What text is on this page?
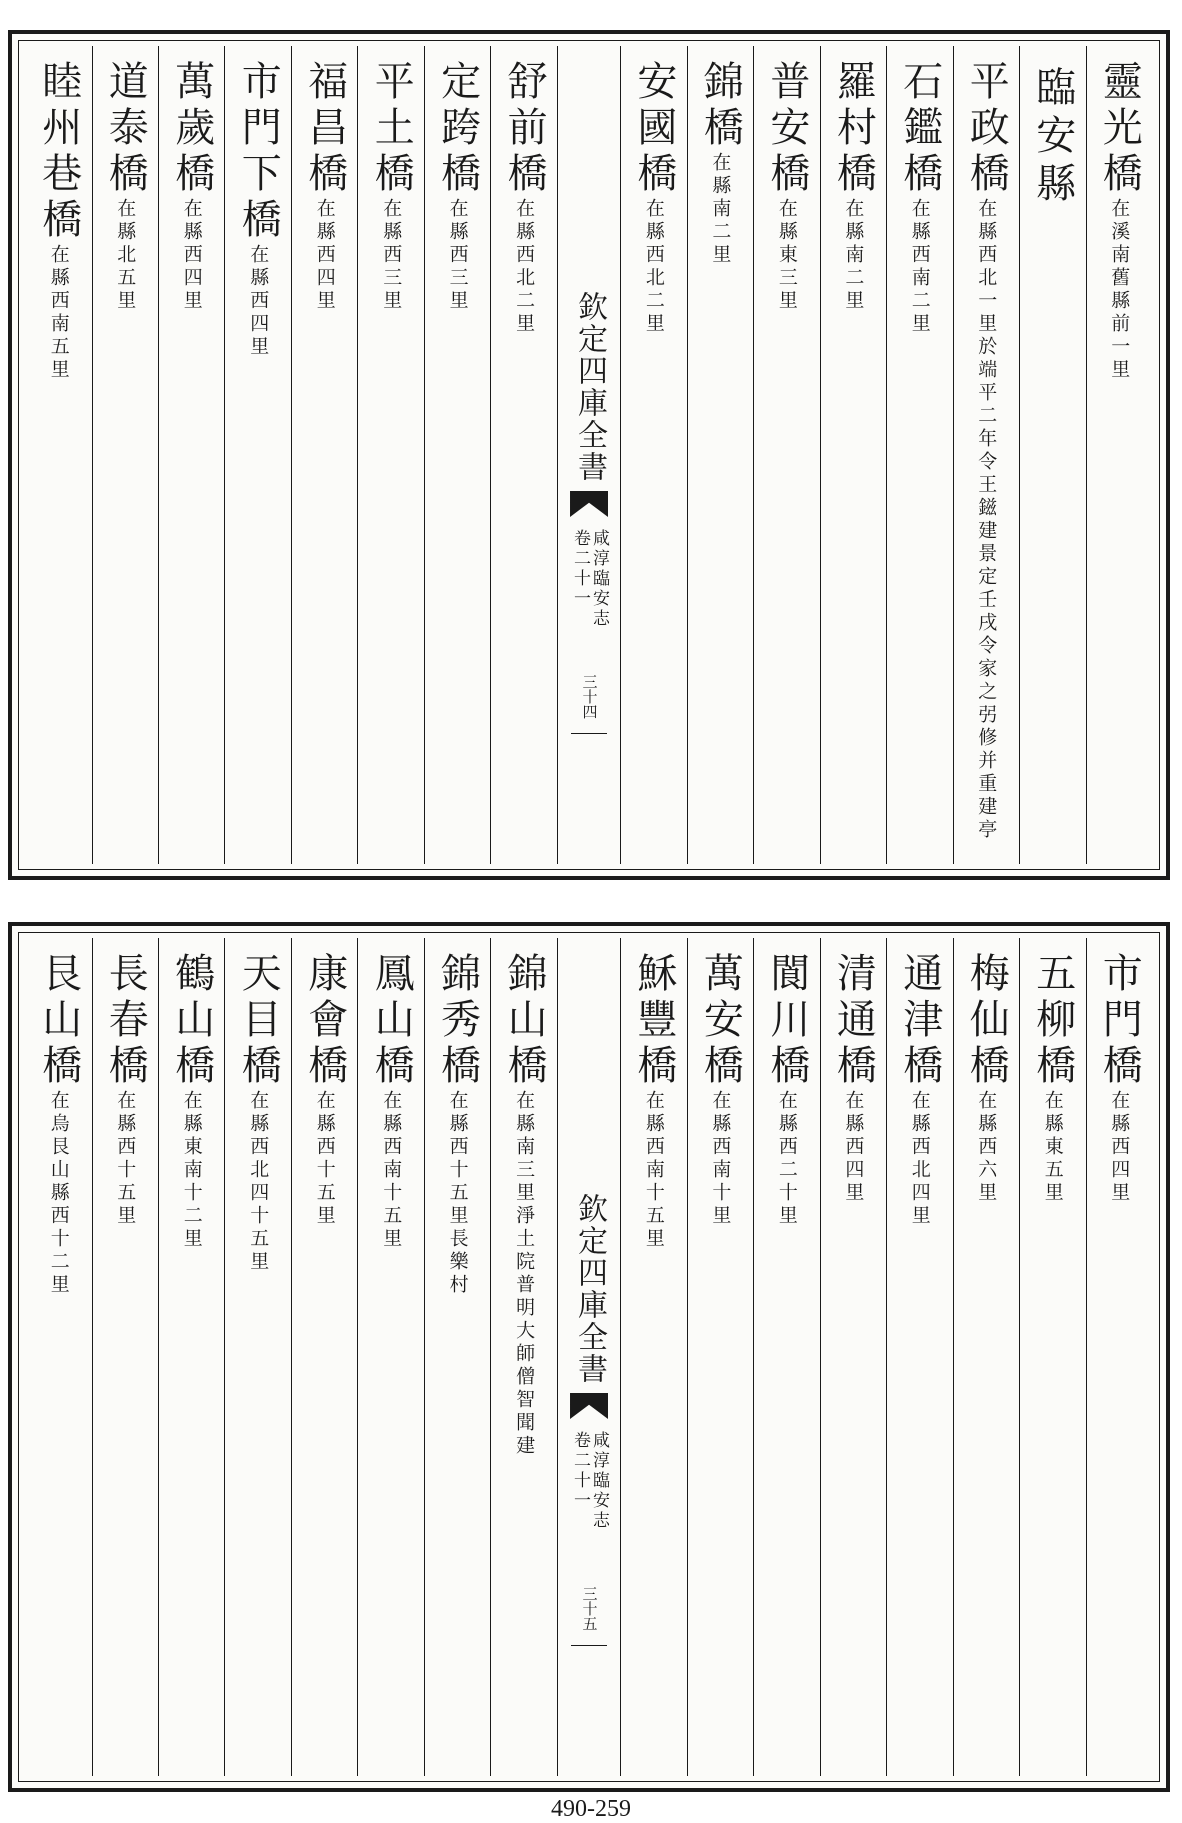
靈光橋在溪南舊縣前一里
臨安縣
平政橋在縣西北一里於端平二年令王鎡建景定壬戌令家之弜修并重建亭
石鑑橋在縣西南二里
羅村橋在縣南二里
普安橋在縣東三里
錦橋在縣南二里
安國橋在縣西北二里
欽定四庫全書
咸淳臨安志
卷二十一
三十四
舒前橋在縣西北二里
定跨橋在縣西三里
平土橋在縣西三里
福昌橋在縣西四里
市門下橋在縣西四里
萬歲橋在縣西四里
道泰橋在縣北五里
睦州巷橋在縣西南五里
市門橋在縣西四里
五柳橋在縣東五里
梅仙橋在縣西六里
通津橋在縣西北四里
清通橋在縣西四里
閬川橋在縣西二十里
萬安橋在縣西南十里
穌豐橋在縣西南十五里
欽定四庫全書
咸淳臨安志
卷二十一
三十五
錦山橋在縣南三里淨土院普明大師僧智聞建
錦秀橋在縣西十五里長樂村
鳳山橋在縣西南十五里
康會橋在縣西十五里
天目橋在縣西北四十五里
鶴山橋在縣東南十二里
長春橋在縣西十五里
艮山橋在烏艮山縣西十二里
490-259
